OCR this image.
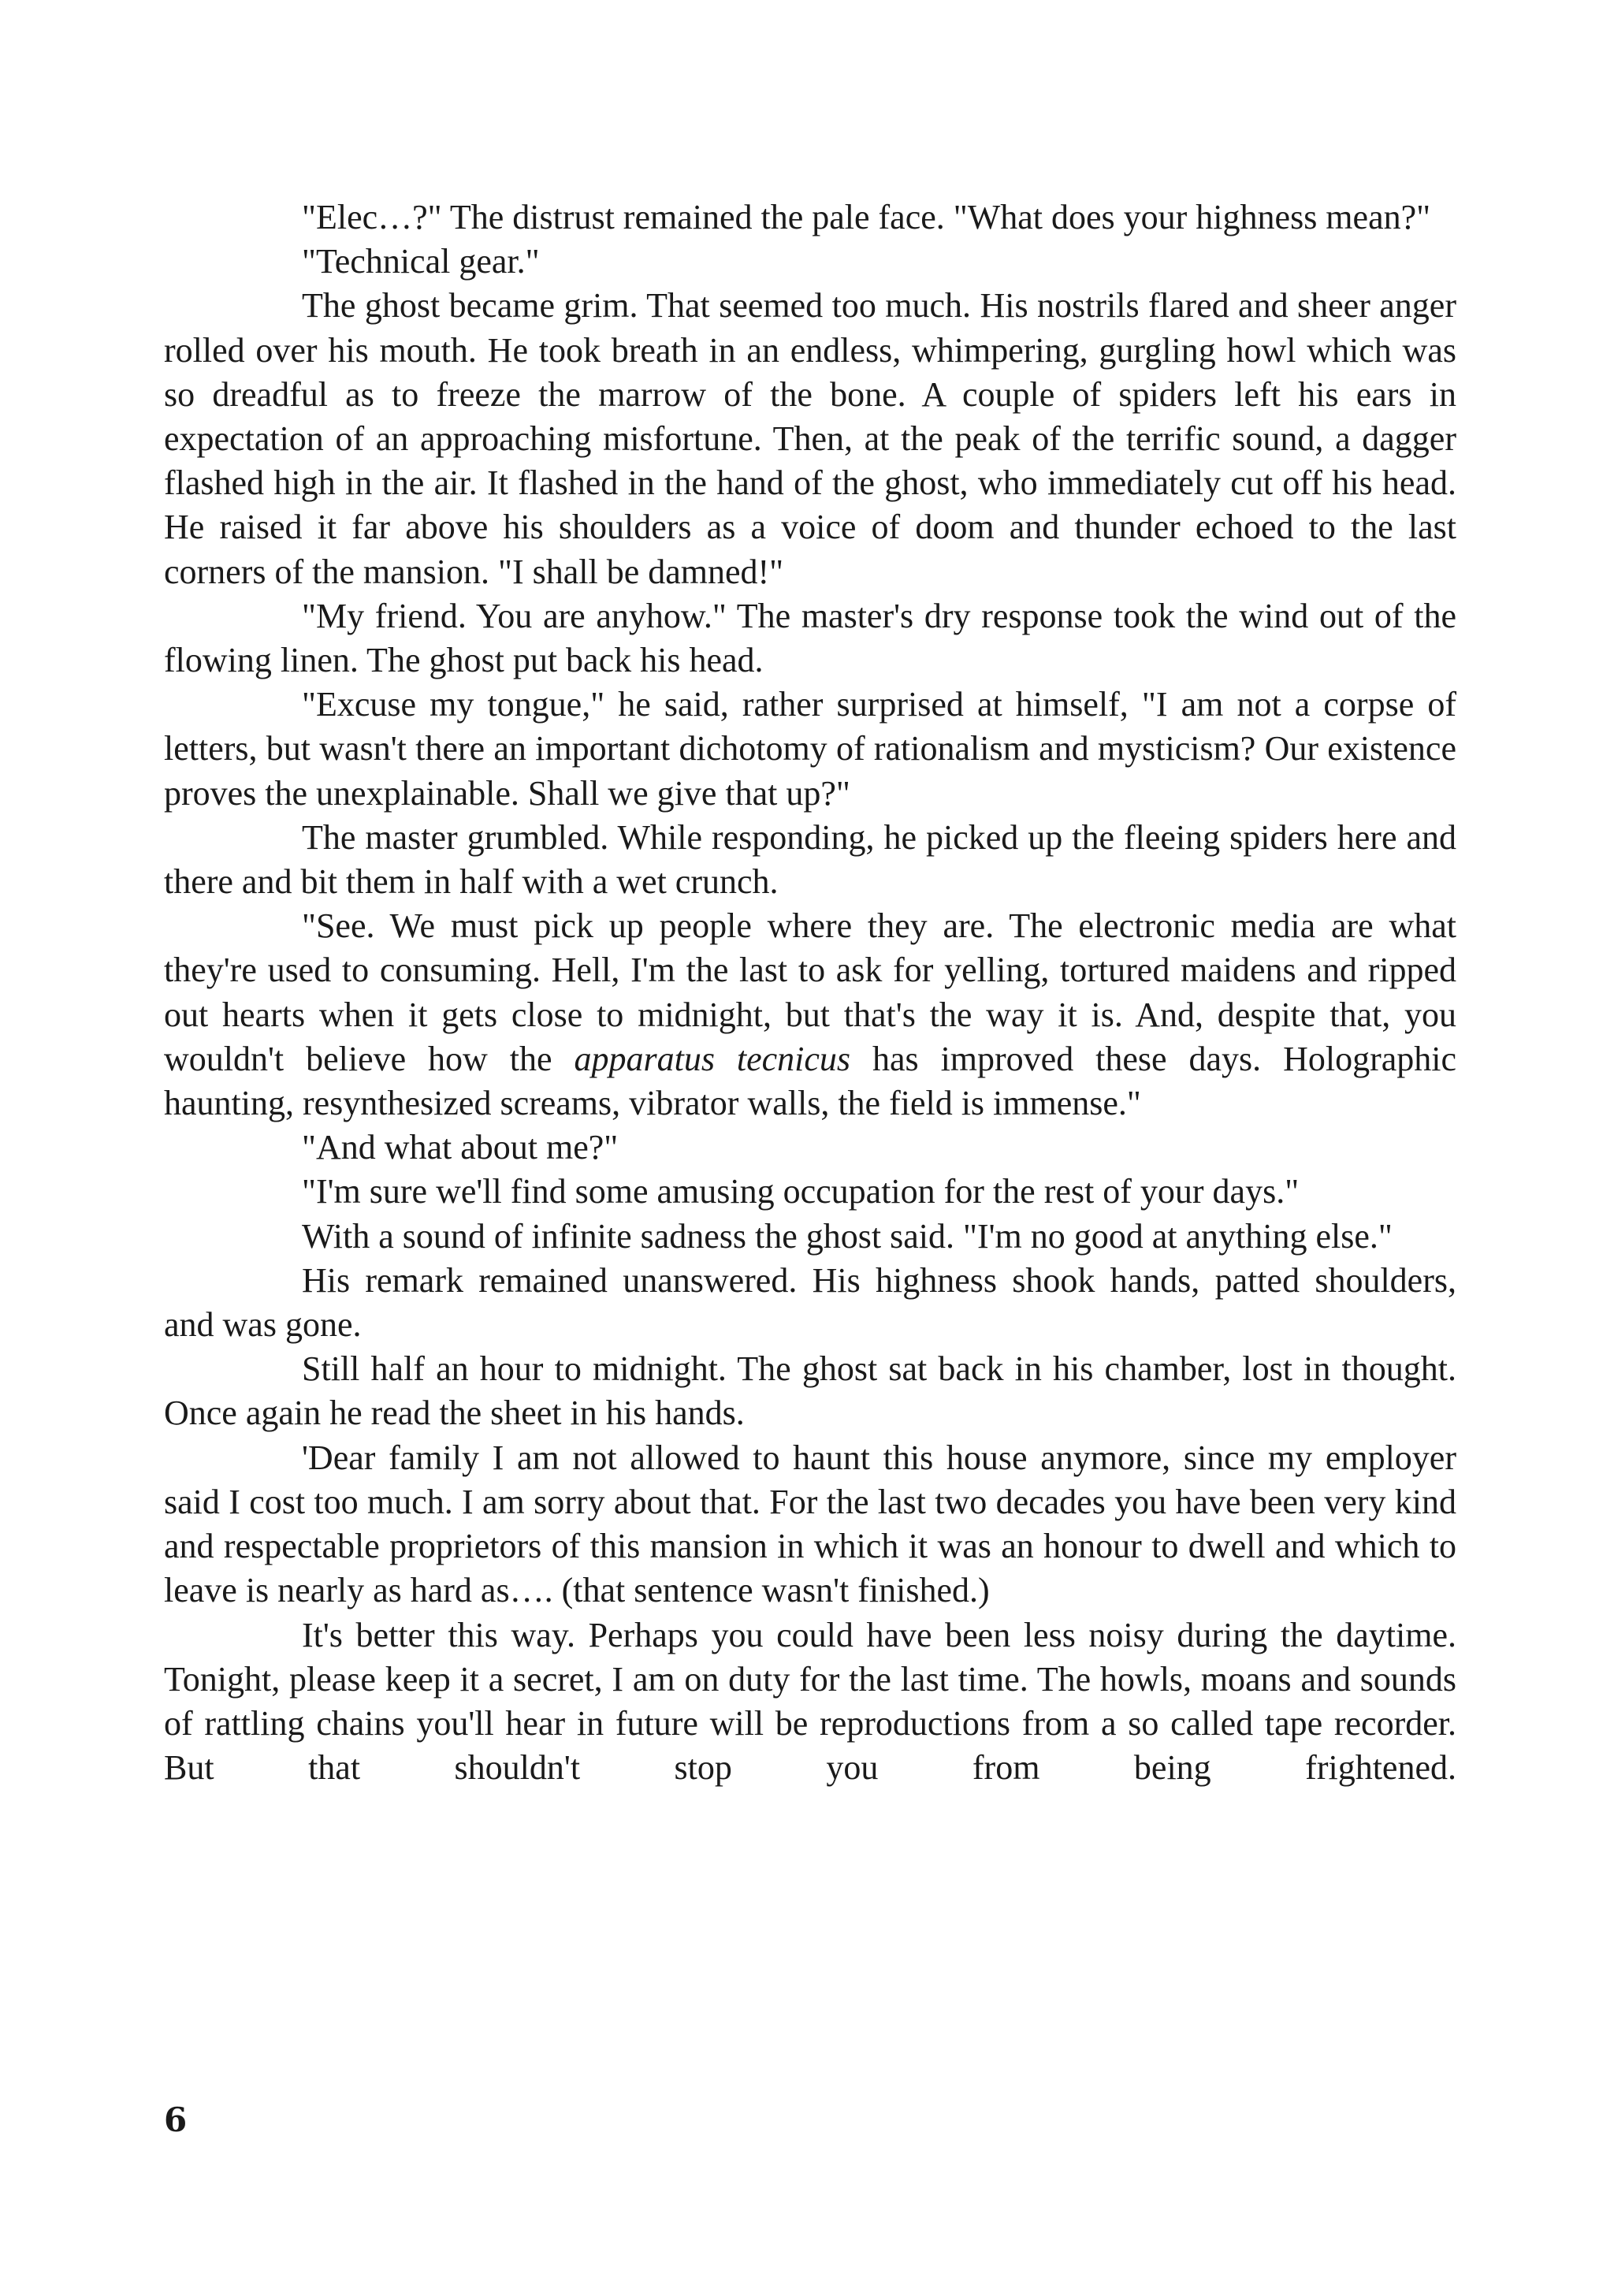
"Elec…?" The distrust remained the pale face. "What does your highness mean?"

"Technical gear."

The ghost became grim. That seemed too much. His nostrils flared and sheer anger rolled over his mouth. He took breath in an endless, whimpering, gurgling howl which was so dreadful as to freeze the marrow of the bone. A couple of spiders left his ears in expectation of an approaching misfortune. Then, at the peak of the terrific sound, a dagger flashed high in the air. It flashed in the hand of the ghost, who immediately cut off his head. He raised it far above his shoulders as a voice of doom and thunder echoed to the last corners of the mansion. "I shall be damned!"

"My friend. You are anyhow." The master's dry response took the wind out of the flowing linen. The ghost put back his head.

"Excuse my tongue," he said, rather surprised at himself, "I am not a corpse of letters, but wasn't there an important dichotomy of rationalism and mysticism? Our existence proves the unexplainable. Shall we give that up?"

The master grumbled. While responding, he picked up the fleeing spiders here and there and bit them in half with a wet crunch.

"See. We must pick up people where they are. The electronic media are what they're used to consuming. Hell, I'm the last to ask for yelling, tortured maidens and ripped out hearts when it gets close to midnight, but that's the way it is. And, despite that, you wouldn't believe how the apparatus tecnicus has improved these days. Holographic haunting, resynthesized screams, vibrator walls, the field is immense."

"And what about me?"

"I'm sure we'll find some amusing occupation for the rest of your days."

With a sound of infinite sadness the ghost said. "I'm no good at anything else."

His remark remained unanswered. His highness shook hands, patted shoulders, and was gone.

Still half an hour to midnight. The ghost sat back in his chamber, lost in thought. Once again he read the sheet in his hands.

'Dear family I am not allowed to haunt this house anymore, since my employer said I cost too much. I am sorry about that. For the last two decades you have been very kind and respectable proprietors of this mansion in which it was an honour to dwell and which to leave is nearly as hard as…. (that sentence wasn't finished.)

It's better this way. Perhaps you could have been less noisy during the daytime. Tonight, please keep it a secret, I am on duty for the last time. The howls, moans and sounds of rattling chains you'll hear in future will be reproductions from a so called tape recorder. But that shouldn't stop you from being frightened.

6
